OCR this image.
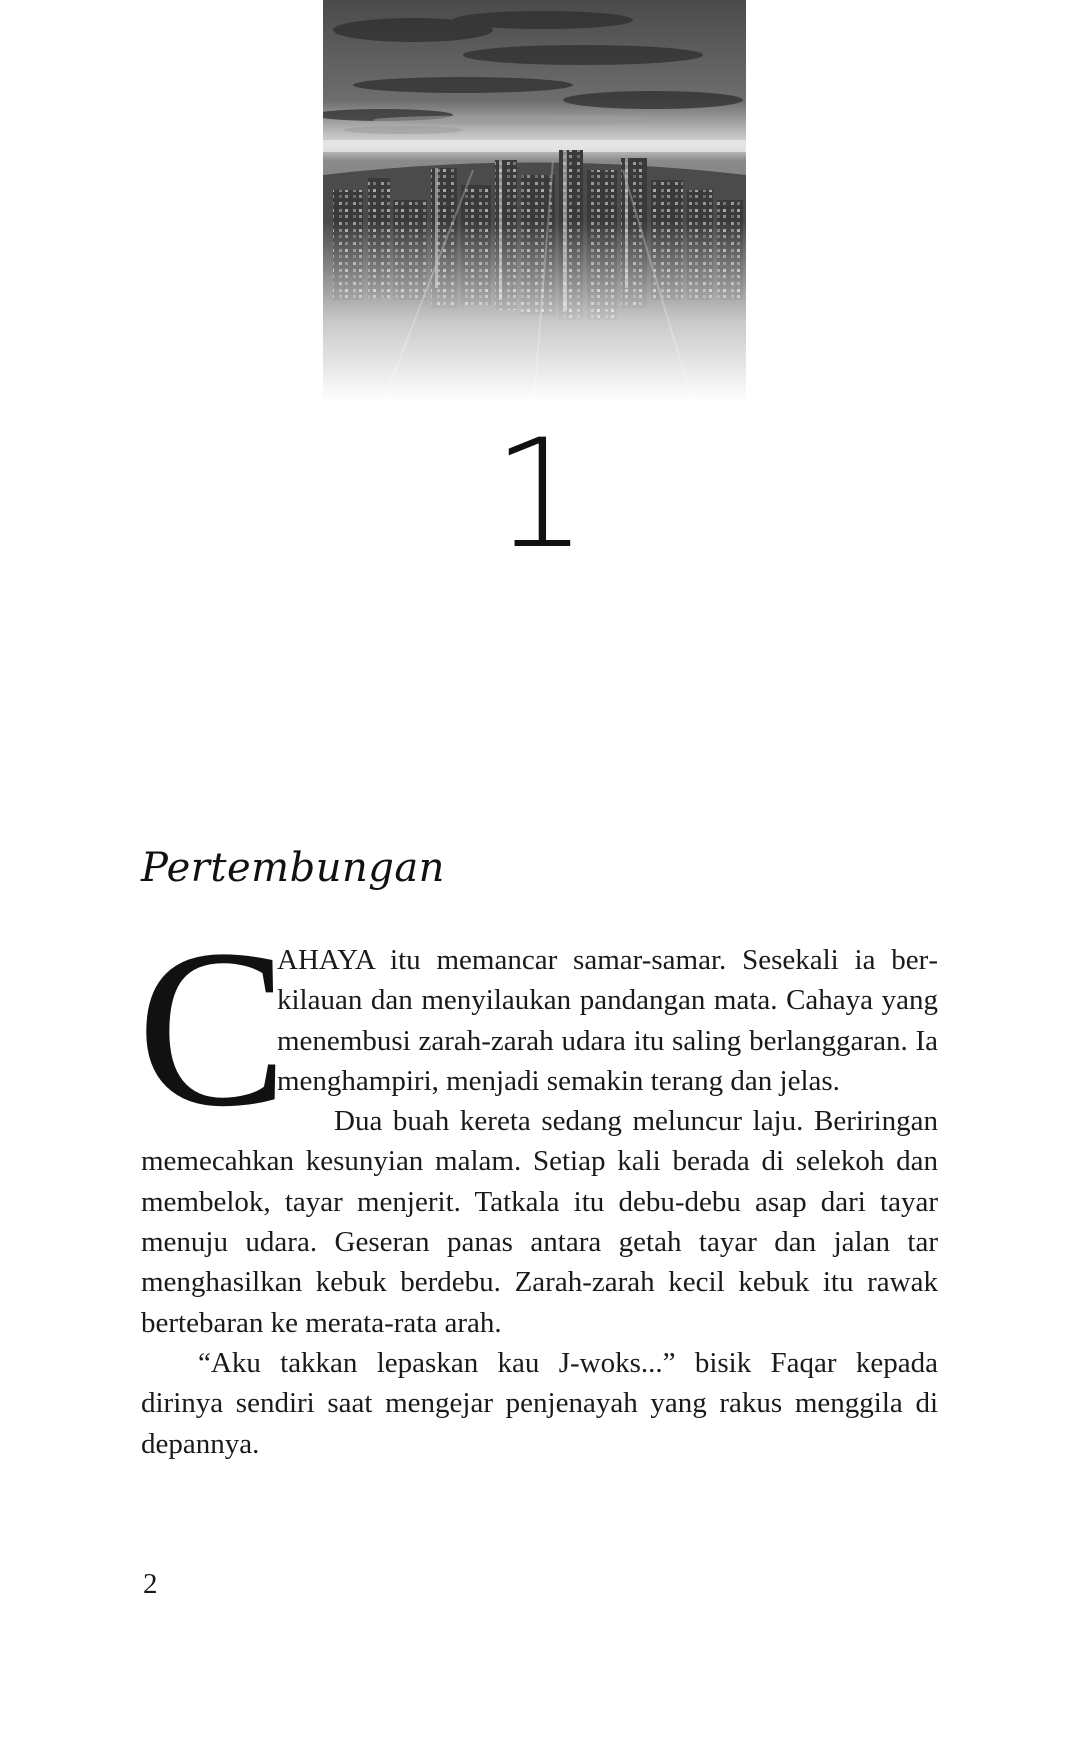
1
Pertembungan

C
AHAYA itu memancar samar-samar. Sesekali ia berkilauan dan menyilaukan pandangan mata. Cahaya yang menembusi zarah-zarah udara itu saling berlanggaran. Ia menghampiri, menjadi semakin terang dan jelas.

Dua buah kereta sedang meluncur laju. Beriringan memecahkan kesunyian malam. Setiap kali berada di selekoh dan membelok, tayar menjerit. Tatkala itu debu-debu asap dari tayar menuju udara. Geseran panas antara getah tayar dan jalan tar menghasilkan kebuk berdebu. Zarah-zarah kecil kebuk itu rawak bertebaran ke merata-rata arah.

“Aku takkan lepaskan kau J-woks...” bisik Faqar kepada dirinya sendiri saat mengejar penjenayah yang rakus menggila di depannya.

2
